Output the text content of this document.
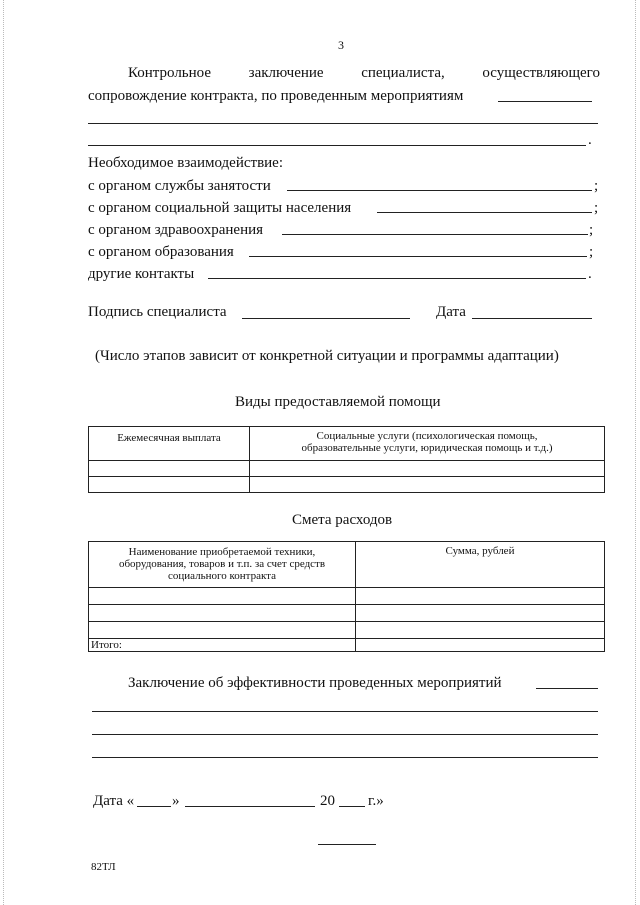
3
Контрольное	заключение	специалиста,	осуществляющего
сопровождение контракта, по проведенным мероприятиям
.
Необходимое взаимодействие:
с органом службы занятости	;
с органом социальной защиты населения	;
с органом здравоохранения	;
с органом образования	;
другие контакты	.
Подпись специалиста	Дата
(Число этапов зависит от конкретной ситуации и программы адаптации)
Виды предоставляемой помощи
Ежемесячная выплата	Социальные услуги (психологическая помощь,
образовательные услуги, юридическая помощь и т.д.)

Смета расходов
Наименование приобретаемой техники,
оборудования, товаров и т.п. за счет средств
социального контракта	Сумма, рублей

Итого:	
Заключение об эффективности проведенных мероприятий
Дата «	»	20 г.»
82ТЛ
